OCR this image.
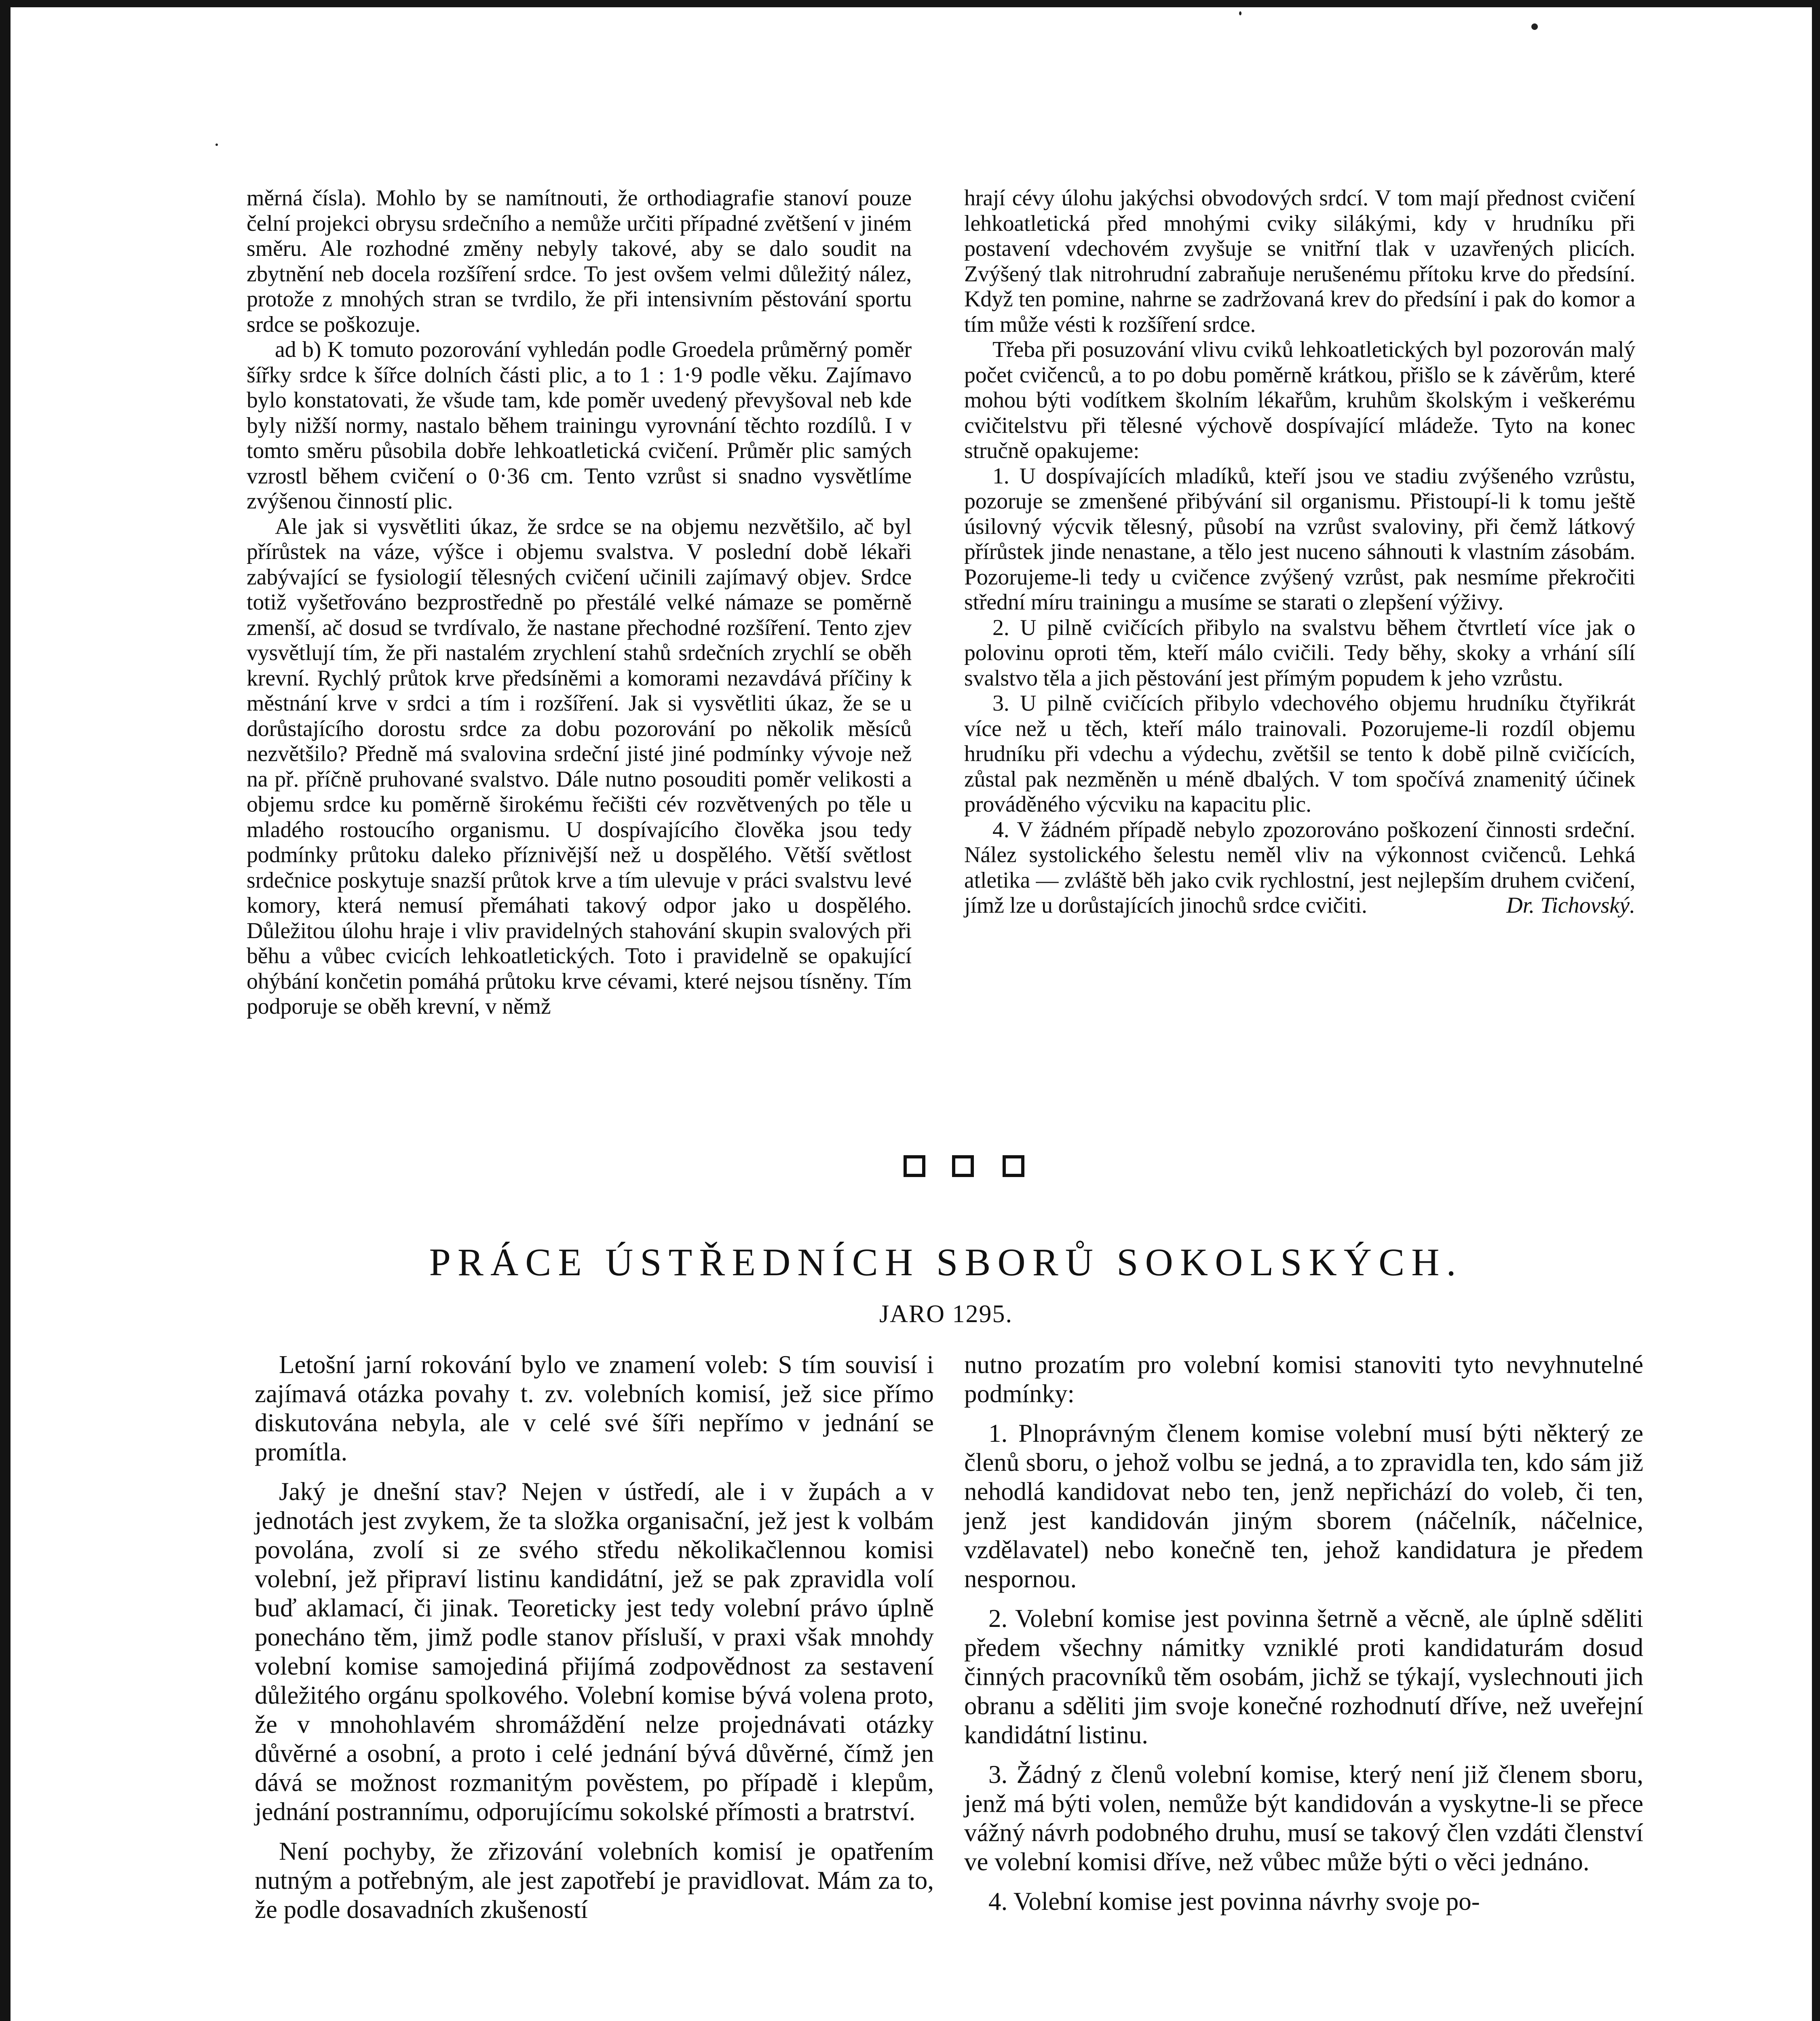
měrná čísla). Mohlo by se namítnouti, že orthodiagrafie stanoví pouze čelní projekci obrysu srdečního a nemůže určiti případné zvětšení v jiném směru. Ale rozhodné změny nebyly takové, aby se dalo soudit na zbytnění neb docela rozšíření srdce. To jest ovšem velmi důležitý nález, protože z mnohých stran se tvrdilo, že při intensivním pěstování sportu srdce se poškozuje.

ad b) K tomuto pozorování vyhledán podle Groedela průměrný poměr šířky srdce k šířce dolních části plic, a to 1 : 1·9 podle věku. Zajímavo bylo konstatovati, že všude tam, kde poměr uvedený převyšoval neb kde byly nižší normy, nastalo během trainingu vyrovnání těchto rozdílů. I v tomto směru působila dobře lehkoatletická cvičení. Průměr plic samých vzrostl během cvičení o 0·36 cm. Tento vzrůst si snadno vysvětlíme zvýšenou činností plic.

Ale jak si vysvětliti úkaz, že srdce se na objemu nezvětšilo, ač byl přírůstek na váze, výšce i objemu svalstva. V poslední době lékaři zabývající se fysiologií tělesných cvičení učinili zajímavý objev. Srdce totiž vyšetřováno bezprostředně po přestálé velké námaze se poměrně zmenší, ač dosud se tvrdívalo, že nastane přechodné rozšíření. Tento zjev vysvětlují tím, že při nastalém zrychlení stahů srdečních zrychlí se oběh krevní. Rychlý průtok krve předsíněmi a komorami nezavdává příčiny k městnání krve v srdci a tím i rozšíření. Jak si vysvětliti úkaz, že se u dorůstajícího dorostu srdce za dobu pozorování po několik měsíců nezvětšilo? Předně má svalovina srdeční jisté jiné podmínky vývoje než na př. příčně pruhované svalstvo. Dále nutno posouditi poměr velikosti a objemu srdce ku poměrně širokému řečišti cév rozvětvených po těle u mladého rostoucího organismu. U dospívajícího člověka jsou tedy podmínky průtoku daleko příznivější než u dospělého. Větší světlost srdečnice poskytuje snazší průtok krve a tím ulevuje v práci svalstvu levé komory, která nemusí přemáhati takový odpor jako u dospělého. Důležitou úlohu hraje i vliv pravidelných stahování skupin svalových při běhu a vůbec cvicích lehkoatletických. Toto i pravidelně se opakující ohýbání končetin pomáhá průtoku krve cévami, které nejsou tísněny. Tím podporuje se oběh krevní, v němž

hrají cévy úlohu jakýchsi obvodových srdcí. V tom mají přednost cvičení lehkoatletická před mnohými cviky silákými, kdy v hrudníku při postavení vdechovém zvyšuje se vnitřní tlak v uzavřených plicích. Zvýšený tlak nitrohrudní zabraňuje nerušenému přítoku krve do předsíní. Když ten pomine, nahrne se zadržovaná krev do předsíní i pak do komor a tím může vésti k rozšíření srdce.

Třeba při posuzování vlivu cviků lehkoatletických byl pozorován malý počet cvičenců, a to po dobu poměrně krátkou, přišlo se k závěrům, které mohou býti vodítkem školním lékařům, kruhům školským i veškerému cvičitelstvu při tělesné výchově dospívající mládeže. Tyto na konec stručně opakujeme:

1. U dospívajících mladíků, kteří jsou ve stadiu zvýšeného vzrůstu, pozoruje se zmenšené přibývání sil organismu. Přistoupí-li k tomu ještě úsilovný výcvik tělesný, působí na vzrůst svaloviny, při čemž látkový přírůstek jinde nenastane, a tělo jest nuceno sáhnouti k vlastním zásobám. Pozorujeme-li tedy u cvičence zvýšený vzrůst, pak nesmíme překročiti střední míru trainingu a musíme se starati o zlepšení výživy.

2. U pilně cvičících přibylo na svalstvu během čtvrtletí více jak o polovinu oproti těm, kteří málo cvičili. Tedy běhy, skoky a vrhání sílí svalstvo těla a jich pěstování jest přímým popudem k jeho vzrůstu.

3. U pilně cvičících přibylo vdechového objemu hrudníku čtyřikrát více než u těch, kteří málo trainovali. Pozorujeme-li rozdíl objemu hrudníku při vdechu a výdechu, zvětšil se tento k době pilně cvičících, zůstal pak nezměněn u méně dbalých. V tom spočívá znamenitý účinek prováděného výcviku na kapacitu plic.

4. V žádném případě nebylo zpozorováno poškození činnosti srdeční. Nález systolického šelestu neměl vliv na výkonnost cvičenců. Lehká atletika — zvláště běh jako cvik rychlostní, jest nejlepším druhem cvičení, jímž lze u dorůstajících jinochů srdce cvičiti.	Dr. Tichovský.

PRÁCE ÚSTŘEDNÍCH SBORŮ SOKOLSKÝCH.
JARO 1295.

Letošní jarní rokování bylo ve znamení voleb: S tím souvisí i zajímavá otázka povahy t. zv. volebních komisí, jež sice přímo diskutována nebyla, ale v celé své šíři nepřímo v jednání se promítla.

Jaký je dnešní stav? Nejen v ústředí, ale i v župách a v jednotách jest zvykem, že ta složka organisační, jež jest k volbám povolána, zvolí si ze svého středu několikačlennou komisi volební, jež připraví listinu kandidátní, jež se pak zpravidla volí buď aklamací, či jinak. Teoreticky jest tedy volební právo úplně ponecháno těm, jimž podle stanov přísluší, v praxi však mnohdy volební komise samojediná přijímá zodpovědnost za sestavení důležitého orgánu spolkového. Volební komise bývá volena proto, že v mnohohlavém shromáždění nelze projednávati otázky důvěrné a osobní, a proto i celé jednání bývá důvěrné, čímž jen dává se možnost rozmanitým pověstem, po případě i klepům, jednání postrannímu, odporujícímu sokolské přímosti a bratrství.

Není pochyby, že zřizování volebních komisí je opatřením nutným a potřebným, ale jest zapotřebí je pravidlovat. Mám za to, že podle dosavadních zkušeností

nutno prozatím pro volební komisi stanoviti tyto nevyhnutelné podmínky:

1. Plnoprávným členem komise volební musí býti některý ze členů sboru, o jehož volbu se jedná, a to zpravidla ten, kdo sám již nehodlá kandidovat nebo ten, jenž nepřichází do voleb, či ten, jenž jest kandidován jiným sborem (náčelník, náčelnice, vzdělavatel) nebo konečně ten, jehož kandidatura je předem nespornou.

2. Volební komise jest povinna šetrně a věcně, ale úplně sděliti předem všechny námitky vzniklé proti kandidaturám dosud činných pracovníků těm osobám, jichž se týkají, vyslechnouti jich obranu a sděliti jim svoje konečné rozhodnutí dříve, než uveřejní kandidátní listinu.

3. Žádný z členů volební komise, který není již členem sboru, jenž má býti volen, nemůže být kandidován a vyskytne-li se přece vážný návrh podobného druhu, musí se takový člen vzdáti členství ve volební komisi dříve, než vůbec může býti o věci jednáno.

4. Volební komise jest povinna návrhy svoje po-
